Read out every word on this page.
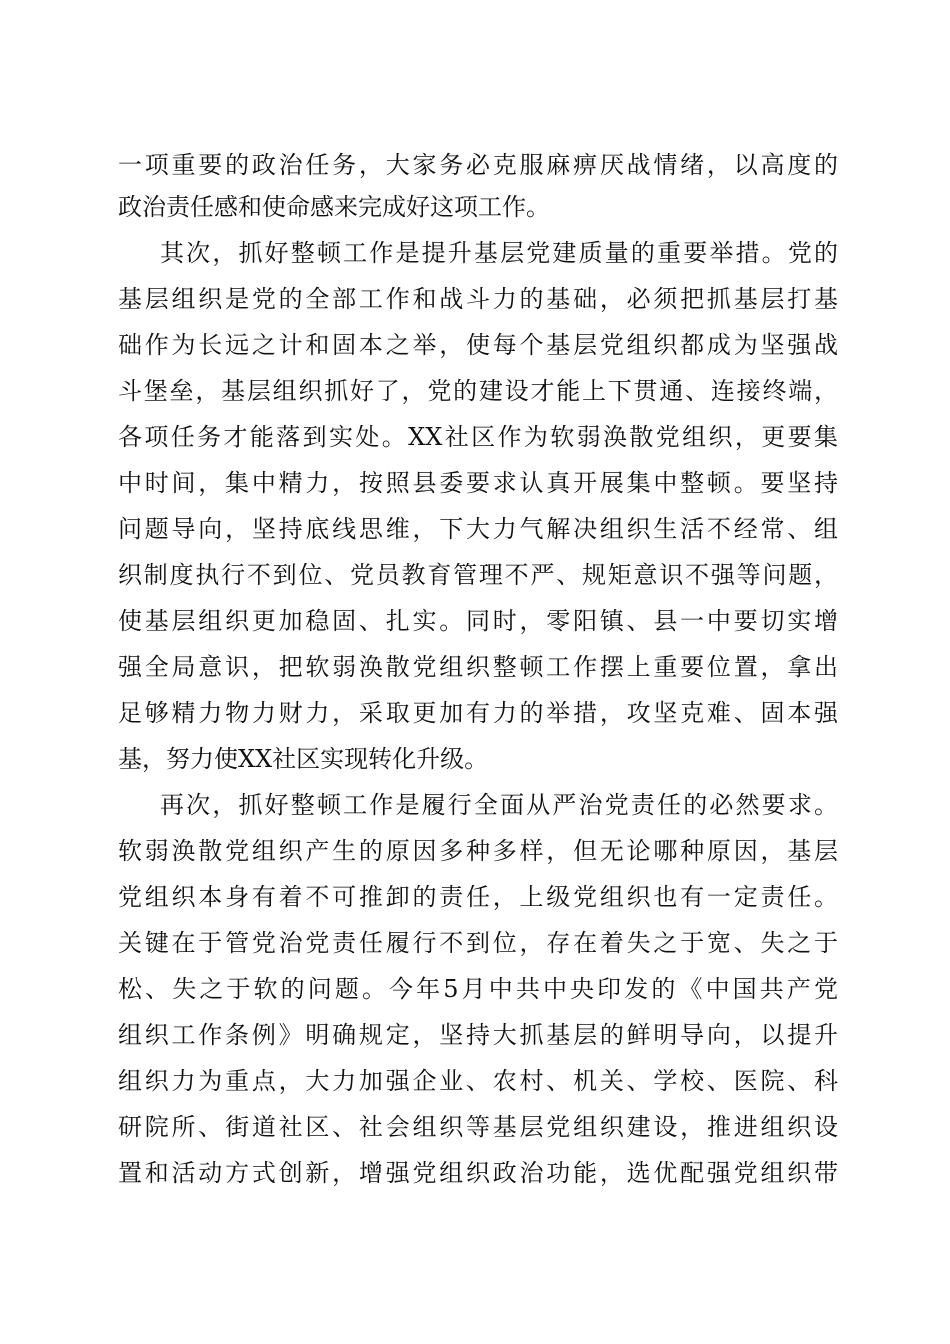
一项重要的政治任务，大家务必克服麻痹厌战情绪，以高度的
政治责任感和使命感来完成好这项工作。
其次，抓好整顿工作是提升基层党建质量的重要举措。党的
基层组织是党的全部工作和战斗力的基础，必须把抓基层打基
础作为长远之计和固本之举，使每个基层党组织都成为坚强战
斗堡垒，基层组织抓好了，党的建设才能上下贯通、连接终端，
各项任务才能落到实处。XX社区作为软弱涣散党组织，更要集
中时间，集中精力，按照县委要求认真开展集中整顿。要坚持
问题导向，坚持底线思维，下大力气解决组织生活不经常、组
织制度执行不到位、党员教育管理不严、规矩意识不强等问题，
使基层组织更加稳固、扎实。同时，零阳镇、县一中要切实增
强全局意识，把软弱涣散党组织整顿工作摆上重要位置，拿出
足够精力物力财力，采取更加有力的举措，攻坚克难、固本强
基，努力使XX社区实现转化升级。
再次，抓好整顿工作是履行全面从严治党责任的必然要求。
软弱涣散党组织产生的原因多种多样，但无论哪种原因，基层
党组织本身有着不可推卸的责任，上级党组织也有一定责任。
关键在于管党治党责任履行不到位，存在着失之于宽、失之于
松、失之于软的问题。今年5月中共中央印发的《中国共产党
组织工作条例》明确规定，坚持大抓基层的鲜明导向，以提升
组织力为重点，大力加强企业、农村、机关、学校、医院、科
研院所、街道社区、社会组织等基层党组织建设，推进组织设
置和活动方式创新，增强党组织政治功能，选优配强党组织带
